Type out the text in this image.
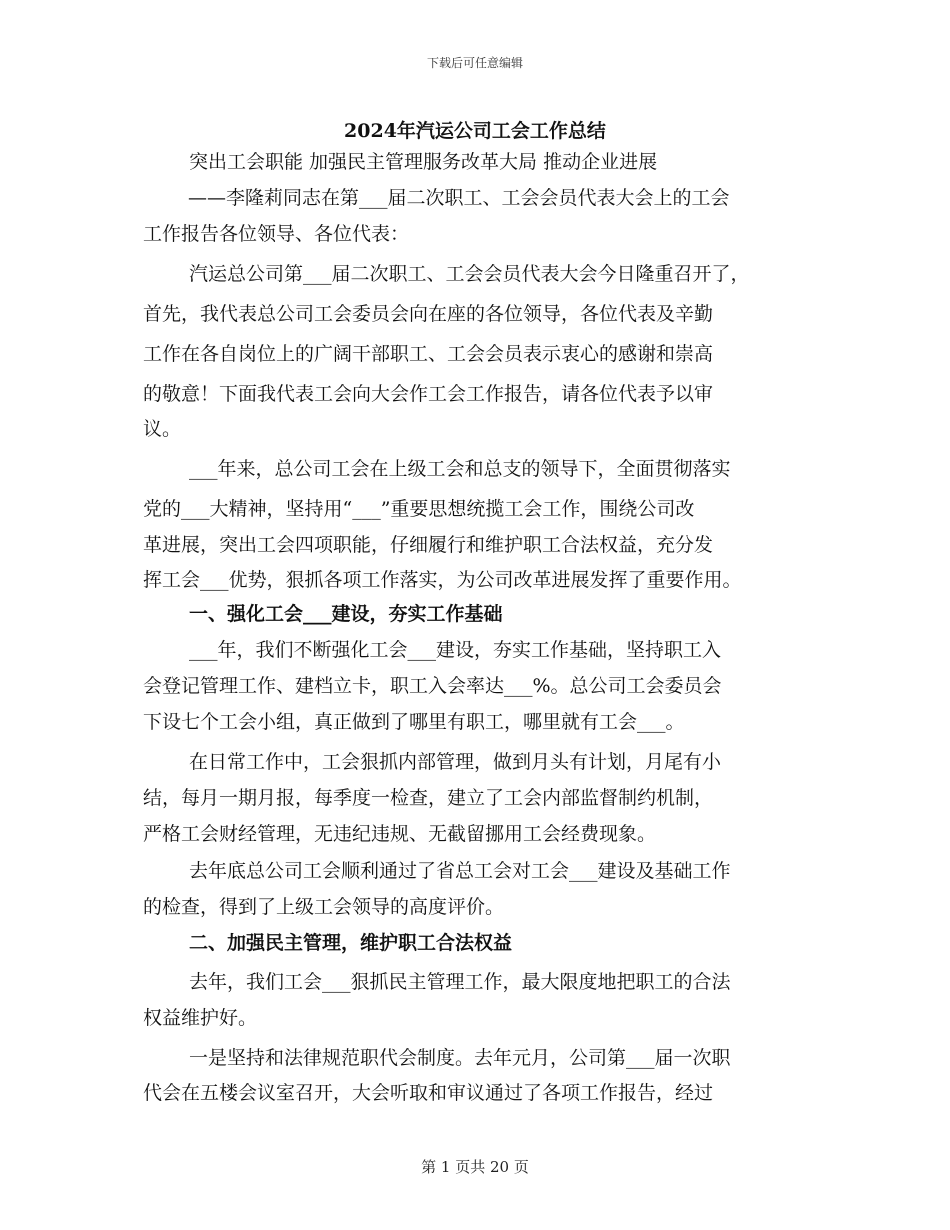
下载后可任意编辑
2024年汽运公司工会工作总结
突出工会职能 加强民主管理服务改革大局 推动企业进展
——李隆莉同志在第___届二次职工、工会会员代表大会上的工会
工作报告各位领导、各位代表：
汽运总公司第___届二次职工、工会会员代表大会今日隆重召开了，
首先，我代表总公司工会委员会向在座的各位领导，各位代表及辛勤
工作在各自岗位上的广阔干部职工、工会会员表示衷心的感谢和崇高
的敬意！下面我代表工会向大会作工会工作报告，请各位代表予以审
议。
___年来，总公司工会在上级工会和总支的领导下，全面贯彻落实
党的___大精神，坚持用“___”重要思想统揽工会工作，围绕公司改
革进展，突出工会四项职能，仔细履行和维护职工合法权益，充分发
挥工会___优势，狠抓各项工作落实，为公司改革进展发挥了重要作用。
一、强化工会___建设，夯实工作基础
___年，我们不断强化工会___建设，夯实工作基础，坚持职工入
会登记管理工作、建档立卡，职工入会率达___%。总公司工会委员会
下设七个工会小组，真正做到了哪里有职工，哪里就有工会___。
在日常工作中，工会狠抓内部管理，做到月头有计划，月尾有小
结，每月一期月报，每季度一检查，建立了工会内部监督制约机制，
严格工会财经管理，无违纪违规、无截留挪用工会经费现象。
去年底总公司工会顺利通过了省总工会对工会___建设及基础工作
的检查，得到了上级工会领导的高度评价。
二、加强民主管理，维护职工合法权益
去年，我们工会___狠抓民主管理工作，最大限度地把职工的合法
权益维护好。
一是坚持和法律规范职代会制度。去年元月，公司第___届一次职
代会在五楼会议室召开，大会听取和审议通过了各项工作报告，经过
第 1 页共 20 页
